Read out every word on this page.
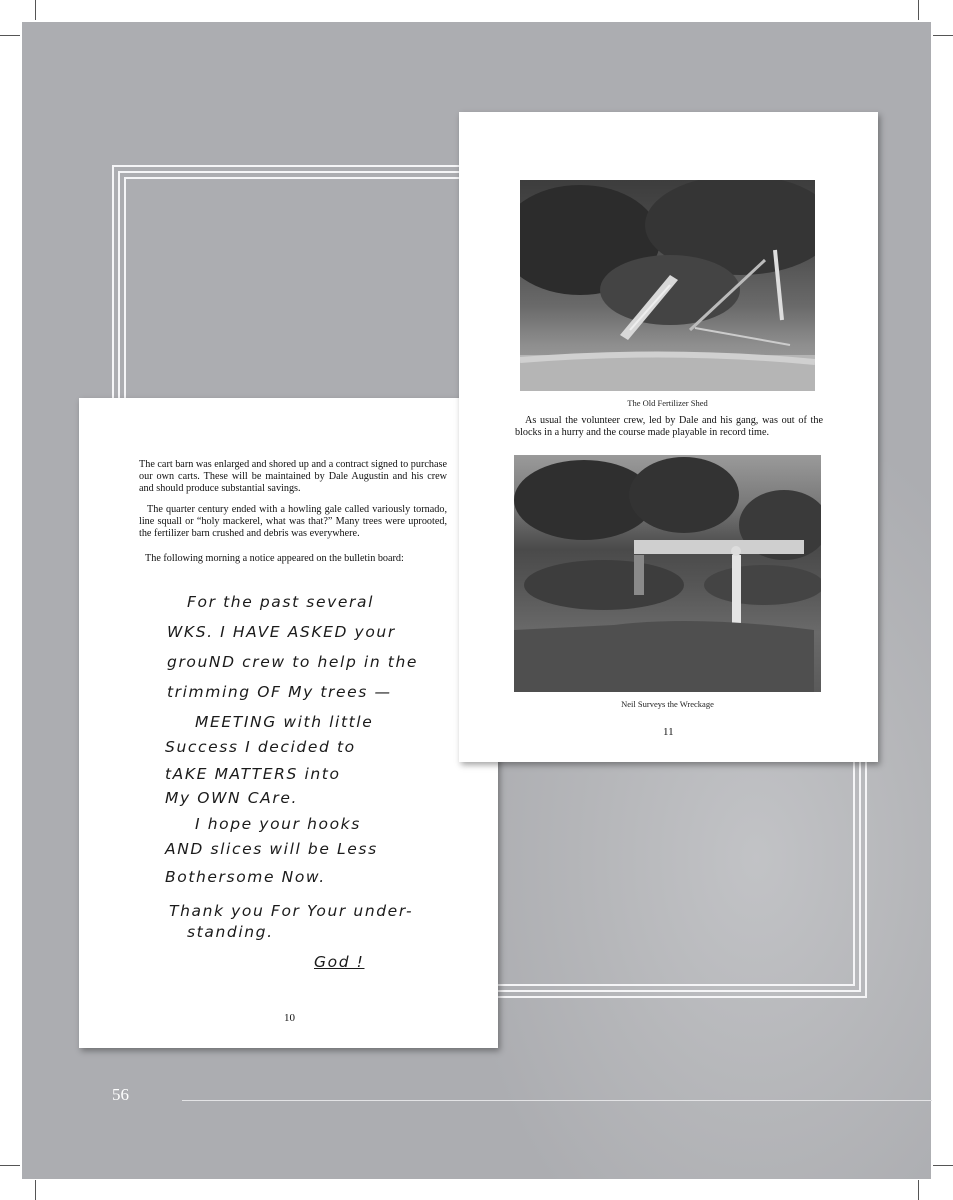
56

The cart barn was enlarged and shored up and a contract signed to purchase our own carts. These will be maintained by Dale Augustin and his crew and should produce substantial savings.

The quarter century ended with a howling gale called variously tornado, line squall or “holy mackerel, what was that?” Many trees were uprooted, the fertilizer barn crushed and debris was everywhere.

The following morning a notice appeared on the bulletin board:

For the past several
WKS. I HAVE ASKED your
grouND crew to help in the
trimming OF My trees —
MEETING with little
Success I decided to
tAKE MATTERS into
My OWN CAre.
I hope your hooks
AND slices will be Less
Bothersome Now.
Thank you For Your under-
standing.
God !
10
The Old Fertilizer Shed

As usual the volunteer crew, led by Dale and his gang, was out of the blocks in a hurry and the course made playable in record time.

Neil Surveys the Wreckage
11
